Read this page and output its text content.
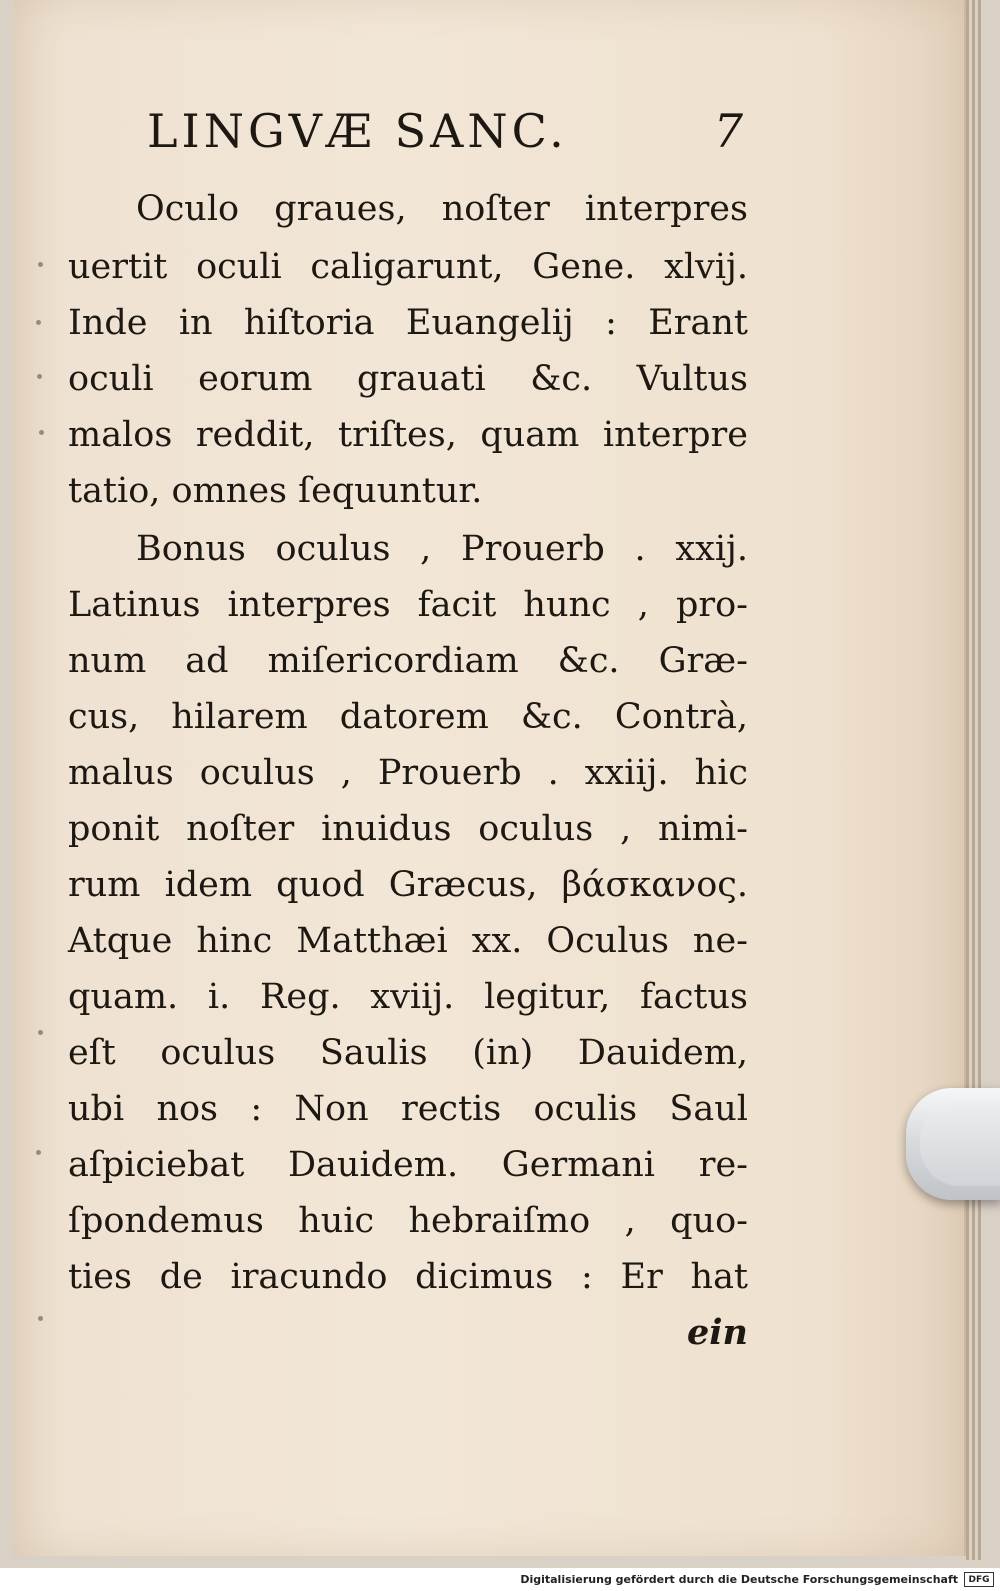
LINGVÆ SANC.	7
Oculo graues, noſter interpres
uertit oculi caligarunt, Gene. xlvij.
Inde in hiſtoria Euangelij : Erant
oculi eorum grauati &c. Vultus
malos reddit, triſtes, quam interpre
tatio, omnes ſequuntur.
Bonus oculus , Prouerb . xxij.
Latinus interpres facit hunc , pro-
num ad miſericordiam &c. Græ-
cus, hilarem datorem &c. Contrà,
malus oculus , Prouerb . xxiij. hic
ponit noſter inuidus oculus , nimi-
rum idem quod Græcus, βάσκανος.
Atque hinc Matthæi xx. Oculus ne-
quam. i. Reg. xviij. legitur, factus
eſt oculus Saulis (in) Dauidem,
ubi nos : Non rectis oculis Saul
aſpiciebat Dauidem. Germani re-
ſpondemus huic hebraiſmo , quo-
ties de iracundo dicimus : Er hat
ein
Digitalisierung gefördert durch die Deutsche Forschungsgemeinschaft	DFG
